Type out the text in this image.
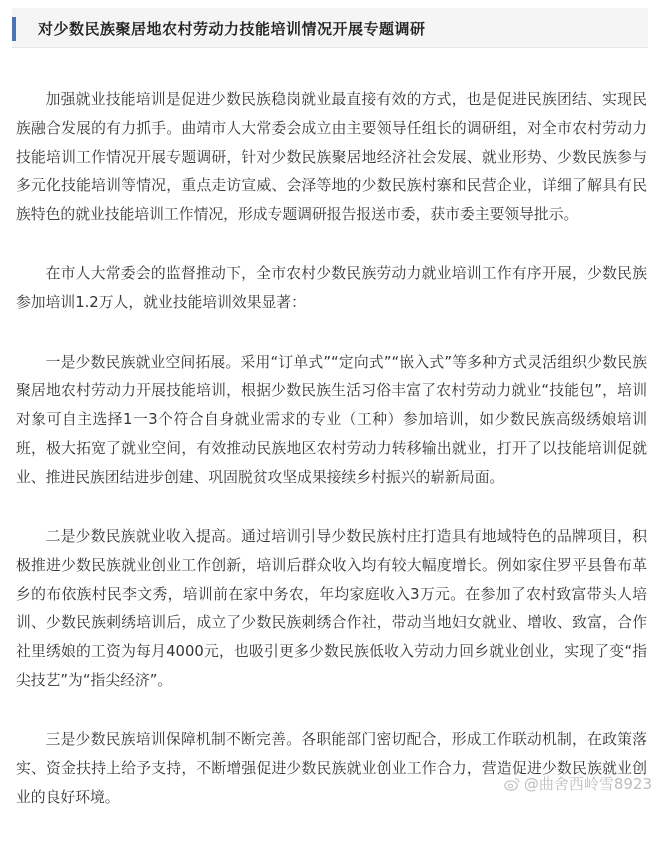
对少数民族聚居地农村劳动力技能培训情况开展专题调研

加强就业技能培训是促进少数民族稳岗就业最直接有效的方式，也是促进民族团结、实现民族融合发展的有力抓手。曲靖市人大常委会成立由主要领导任组长的调研组，对全市农村劳动力技能培训工作情况开展专题调研，针对少数民族聚居地经济社会发展、就业形势、少数民族参与多元化技能培训等情况，重点走访宣威、会泽等地的少数民族村寨和民营企业，详细了解具有民族特色的就业技能培训工作情况，形成专题调研报告报送市委，获市委主要领导批示。

在市人大常委会的监督推动下，全市农村少数民族劳动力就业培训工作有序开展，少数民族参加培训1.2万人，就业技能培训效果显著：

一是少数民族就业空间拓展。采用“订单式”“定向式”“嵌入式”等多种方式灵活组织少数民族聚居地农村劳动力开展技能培训，根据少数民族生活习俗丰富了农村劳动力就业“技能包”，培训对象可自主选择1一3个符合自身就业需求的专业（工种）参加培训，如少数民族高级绣娘培训班，极大拓宽了就业空间，有效推动民族地区农村劳动力转移输出就业，打开了以技能培训促就业、推进民族团结进步创建、巩固脱贫攻坚成果接续乡村振兴的崭新局面。

二是少数民族就业收入提高。通过培训引导少数民族村庄打造具有地域特色的品牌项目，积极推进少数民族就业创业工作创新，培训后群众收入均有较大幅度增长。例如家住罗平县鲁布革乡的布依族村民李文秀，培训前在家中务农，年均家庭收入3万元。在参加了农村致富带头人培训、少数民族刺绣培训后，成立了少数民族刺绣合作社，带动当地妇女就业、增收、致富，合作社里绣娘的工资为每月4000元，也吸引更多少数民族低收入劳动力回乡就业创业，实现了变“指尖技艺”为“指尖经济”。

三是少数民族培训保障机制不断完善。各职能部门密切配合，形成工作联动机制，在政策落实、资金扶持上给予支持，不断增强促进少数民族就业创业工作合力，营造促进少数民族就业创业的良好环境。

@曲舍西岭雪8923
